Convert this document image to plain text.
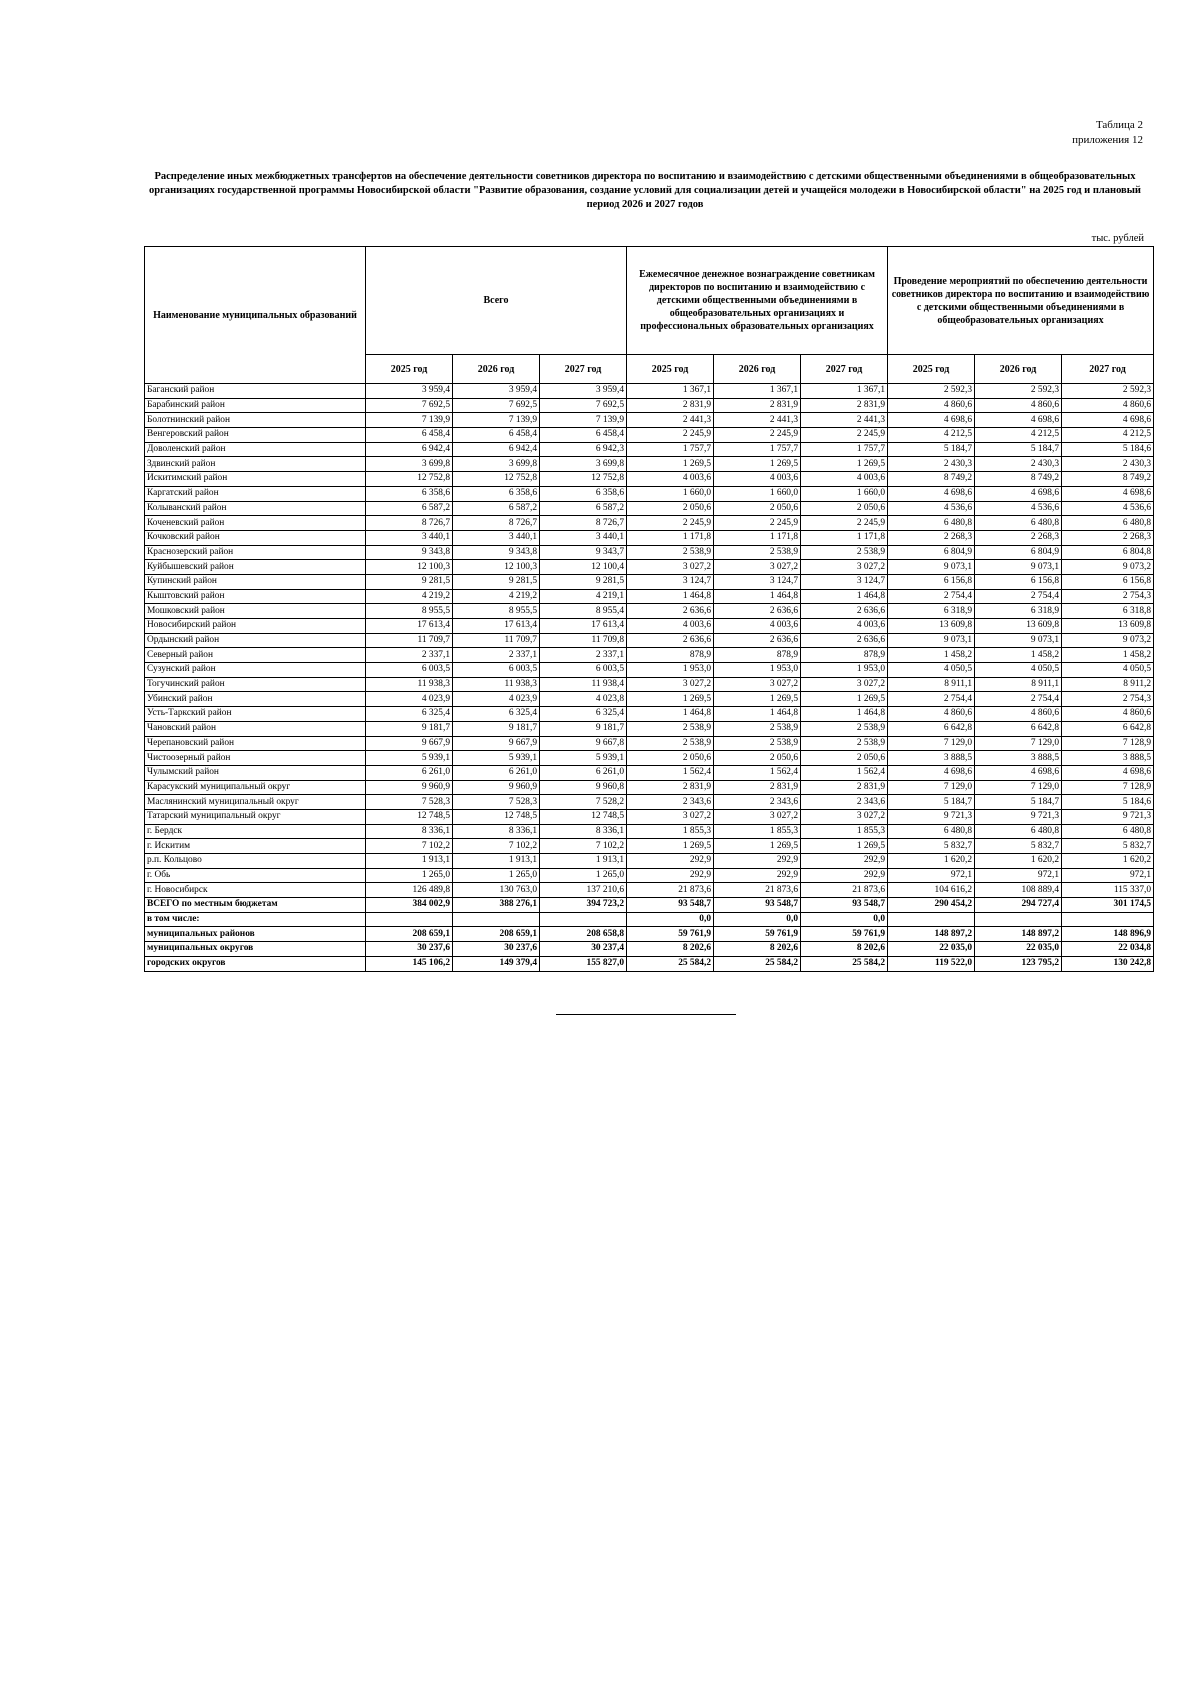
Таблица 2
приложения 12
Распределение иных межбюджетных трансфертов на обеспечение деятельности советников директора по воспитанию и взаимодействию с детскими общественными объединениями в общеобразовательных организациях государственной программы Новосибирской области "Развитие образования, создание условий для социализации детей и учащейся молодежи в Новосибирской области" на 2025 год и плановый период 2026 и 2027 годов
тыс. рублей
Наименование муниципальных образований	Всего			Ежемесячное денежное вознаграждение советникам директоров по воспитанию и взаимодействию с детскими общественными объединениями в общеобразовательных организациях и профессиональных образовательных организациях			Проведение мероприятий по обеспечению деятельности советников директора по воспитанию и взаимодействию с детскими общественными объединениями в общеобразовательных организациях		
	2025 год	2026 год	2027 год	2025 год	2026 год	2027 год	2025 год	2026 год	2027 год
Баганский район	3 959,4	3 959,4	3 959,4	1 367,1	1 367,1	1 367,1	2 592,3	2 592,3	2 592,3
Барабинский район	7 692,5	7 692,5	7 692,5	2 831,9	2 831,9	2 831,9	4 860,6	4 860,6	4 860,6
Болотнинский район	7 139,9	7 139,9	7 139,9	2 441,3	2 441,3	2 441,3	4 698,6	4 698,6	4 698,6
Венгеровский район	6 458,4	6 458,4	6 458,4	2 245,9	2 245,9	2 245,9	4 212,5	4 212,5	4 212,5
Доволенский район	6 942,4	6 942,4	6 942,3	1 757,7	1 757,7	1 757,7	5 184,7	5 184,7	5 184,6
Здвинский район	3 699,8	3 699,8	3 699,8	1 269,5	1 269,5	1 269,5	2 430,3	2 430,3	2 430,3
Искитимский район	12 752,8	12 752,8	12 752,8	4 003,6	4 003,6	4 003,6	8 749,2	8 749,2	8 749,2
Каргатский район	6 358,6	6 358,6	6 358,6	1 660,0	1 660,0	1 660,0	4 698,6	4 698,6	4 698,6
Колыванский район	6 587,2	6 587,2	6 587,2	2 050,6	2 050,6	2 050,6	4 536,6	4 536,6	4 536,6
Коченевский район	8 726,7	8 726,7	8 726,7	2 245,9	2 245,9	2 245,9	6 480,8	6 480,8	6 480,8
Кочковский район	3 440,1	3 440,1	3 440,1	1 171,8	1 171,8	1 171,8	2 268,3	2 268,3	2 268,3
Краснозерский район	9 343,8	9 343,8	9 343,7	2 538,9	2 538,9	2 538,9	6 804,9	6 804,9	6 804,8
Куйбышевский район	12 100,3	12 100,3	12 100,4	3 027,2	3 027,2	3 027,2	9 073,1	9 073,1	9 073,2
Купинский район	9 281,5	9 281,5	9 281,5	3 124,7	3 124,7	3 124,7	6 156,8	6 156,8	6 156,8
Кыштовский район	4 219,2	4 219,2	4 219,1	1 464,8	1 464,8	1 464,8	2 754,4	2 754,4	2 754,3
Мошковский район	8 955,5	8 955,5	8 955,4	2 636,6	2 636,6	2 636,6	6 318,9	6 318,9	6 318,8
Новосибирский район	17 613,4	17 613,4	17 613,4	4 003,6	4 003,6	4 003,6	13 609,8	13 609,8	13 609,8
Ордынский район	11 709,7	11 709,7	11 709,8	2 636,6	2 636,6	2 636,6	9 073,1	9 073,1	9 073,2
Северный район	2 337,1	2 337,1	2 337,1	878,9	878,9	878,9	1 458,2	1 458,2	1 458,2
Сузунский район	6 003,5	6 003,5	6 003,5	1 953,0	1 953,0	1 953,0	4 050,5	4 050,5	4 050,5
Тогучинский район	11 938,3	11 938,3	11 938,4	3 027,2	3 027,2	3 027,2	8 911,1	8 911,1	8 911,2
Убинский район	4 023,9	4 023,9	4 023,8	1 269,5	1 269,5	1 269,5	2 754,4	2 754,4	2 754,3
Усть-Таркский район	6 325,4	6 325,4	6 325,4	1 464,8	1 464,8	1 464,8	4 860,6	4 860,6	4 860,6
Чановский район	9 181,7	9 181,7	9 181,7	2 538,9	2 538,9	2 538,9	6 642,8	6 642,8	6 642,8
Черепановский район	9 667,9	9 667,9	9 667,8	2 538,9	2 538,9	2 538,9	7 129,0	7 129,0	7 128,9
Чистоозерный район	5 939,1	5 939,1	5 939,1	2 050,6	2 050,6	2 050,6	3 888,5	3 888,5	3 888,5
Чулымский район	6 261,0	6 261,0	6 261,0	1 562,4	1 562,4	1 562,4	4 698,6	4 698,6	4 698,6
Карасукский муниципальный округ	9 960,9	9 960,9	9 960,8	2 831,9	2 831,9	2 831,9	7 129,0	7 129,0	7 128,9
Маслянинский муниципальный округ	7 528,3	7 528,3	7 528,2	2 343,6	2 343,6	2 343,6	5 184,7	5 184,7	5 184,6
Татарский муниципальный округ	12 748,5	12 748,5	12 748,5	3 027,2	3 027,2	3 027,2	9 721,3	9 721,3	9 721,3
г. Бердск	8 336,1	8 336,1	8 336,1	1 855,3	1 855,3	1 855,3	6 480,8	6 480,8	6 480,8
г. Искитим	7 102,2	7 102,2	7 102,2	1 269,5	1 269,5	1 269,5	5 832,7	5 832,7	5 832,7
р.п. Кольцово	1 913,1	1 913,1	1 913,1	292,9	292,9	292,9	1 620,2	1 620,2	1 620,2
г. Обь	1 265,0	1 265,0	1 265,0	292,9	292,9	292,9	972,1	972,1	972,1
г. Новосибирск	126 489,8	130 763,0	137 210,6	21 873,6	21 873,6	21 873,6	104 616,2	108 889,4	115 337,0
ВСЕГО по местным бюджетам	384 002,9	388 276,1	394 723,2	93 548,7	93 548,7	93 548,7	290 454,2	294 727,4	301 174,5
в том числе:				0,0	0,0	0,0			
муниципальных районов	208 659,1	208 659,1	208 658,8	59 761,9	59 761,9	59 761,9	148 897,2	148 897,2	148 896,9
муниципальных округов	30 237,6	30 237,6	30 237,4	8 202,6	8 202,6	8 202,6	22 035,0	22 035,0	22 034,8
городских округов	145 106,2	149 379,4	155 827,0	25 584,2	25 584,2	25 584,2	119 522,0	123 795,2	130 242,8
